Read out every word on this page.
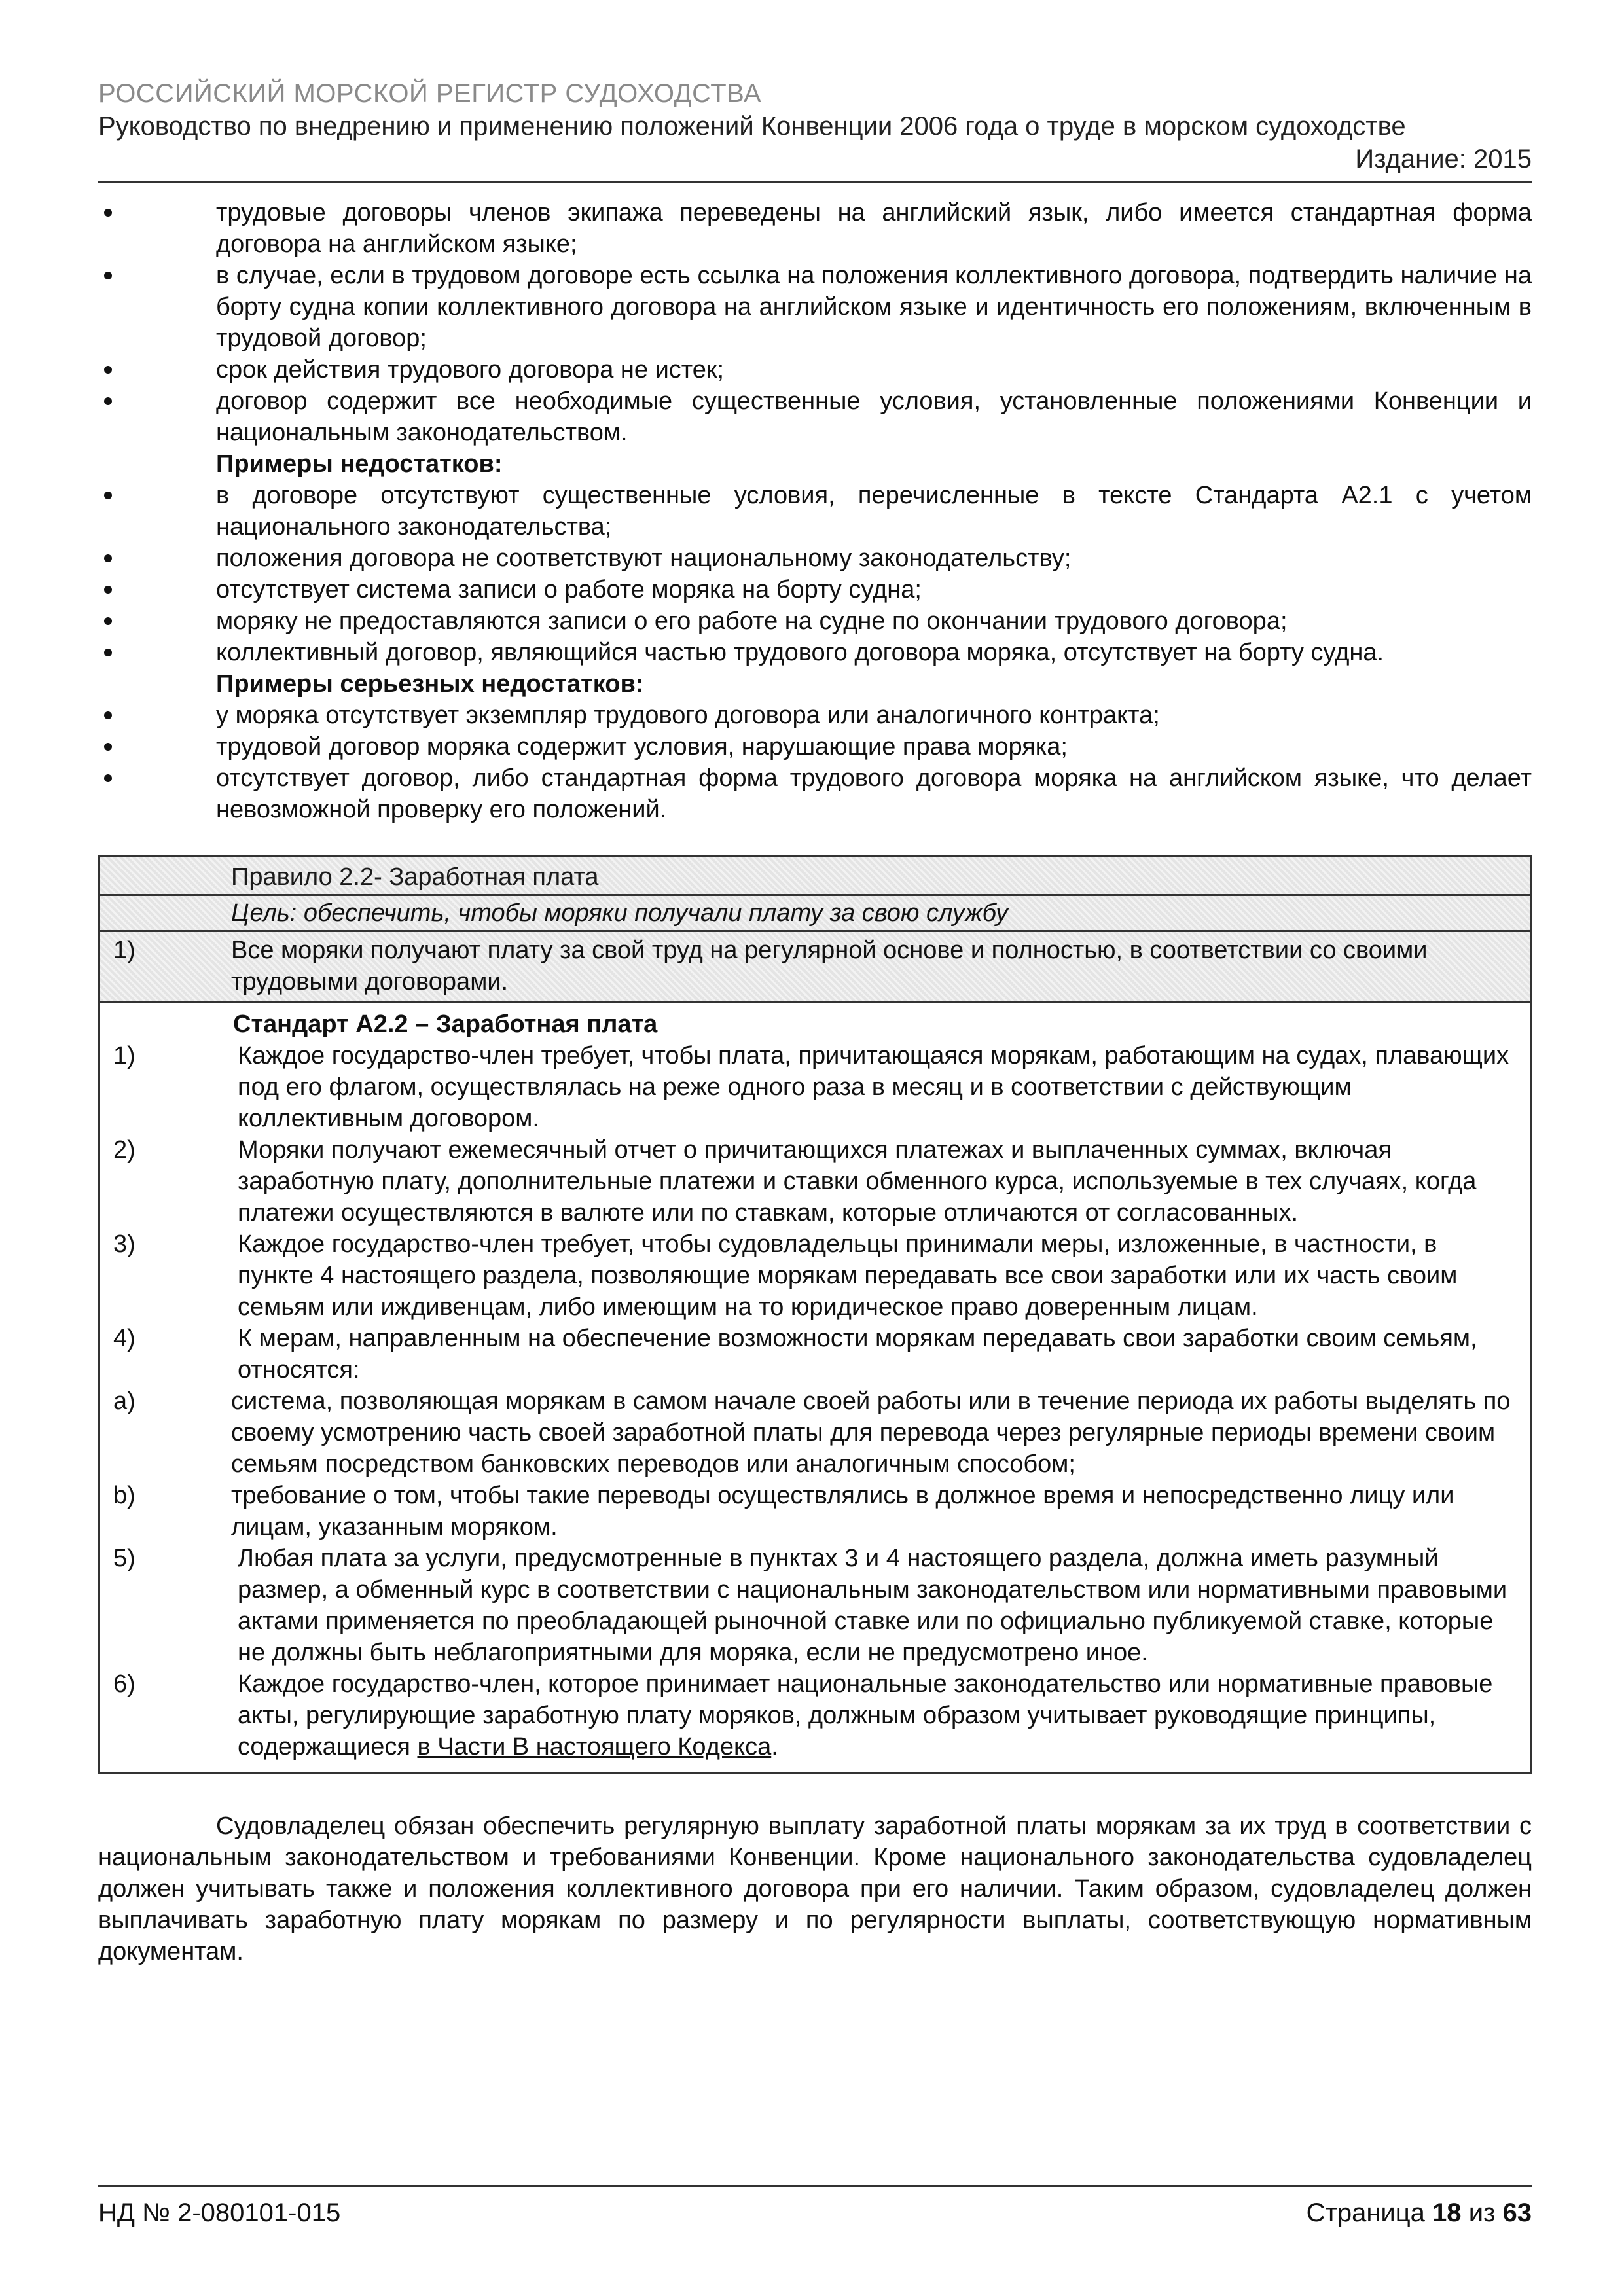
РОССИЙСКИЙ МОРСКОЙ РЕГИСТР СУДОХОДСТВА
Руководство по внедрению и применению положений Конвенции 2006 года о труде в морском судоходстве
Издание: 2015
трудовые договоры членов экипажа переведены на английский язык, либо имеется стандартная форма договора на английском языке;
в случае, если в трудовом договоре есть ссылка на положения коллективного договора, подтвердить наличие на борту судна копии коллективного договора на английском языке и идентичность его положениям, включенным в трудовой договор;
срок действия трудового договора не истек;
договор содержит все необходимые существенные условия, установленные положениями Конвенции и национальным законодательством.
Примеры недостатков:
в договоре отсутствуют существенные условия, перечисленные в тексте Стандарта А2.1 с учетом национального законодательства;
положения договора не соответствуют национальному законодательству;
отсутствует система записи о работе моряка на борту судна;
моряку не предоставляются записи о его работе на судне по окончании трудового договора;
коллективный договор, являющийся частью трудового договора моряка, отсутствует на борту судна.
Примеры серьезных недостатков:
у моряка отсутствует экземпляр трудового договора или аналогичного контракта;
трудовой договор моряка содержит условия, нарушающие права моряка;
отсутствует договор, либо стандартная форма трудового договора моряка на английском языке, что делает невозможной проверку его положений.
Правило 2.2- Заработная плата
Цель: обеспечить, чтобы моряки получали плату за свою службу
1)	Все моряки получают плату за свой труд на регулярной основе и полностью, в соответствии со своими трудовыми договорами.
Стандарт А2.2 – Заработная плата
1)	Каждое государство-член требует, чтобы плата, причитающаяся морякам, работающим на судах, плавающих под его флагом, осуществлялась на реже одного раза в месяц и в соответствии с действующим коллективным договором.
2)	Моряки получают ежемесячный отчет о причитающихся платежах и выплаченных суммах, включая заработную плату, дополнительные платежи и ставки обменного курса, используемые в тех случаях, когда платежи осуществляются в валюте или по ставкам, которые отличаются от согласованных.
3)	Каждое государство-член требует, чтобы судовладельцы принимали меры, изложенные, в частности, в пункте 4 настоящего раздела, позволяющие морякам передавать все свои заработки или их часть своим семьям или иждивенцам, либо имеющим на то юридическое право доверенным лицам.
4)	К мерам, направленным на обеспечение возможности морякам передавать свои заработки своим семьям, относятся:
a)	система, позволяющая морякам в самом начале своей работы или в течение периода их работы выделять по своему усмотрению часть своей заработной платы для перевода через регулярные периоды времени своим семьям посредством банковских переводов или аналогичным способом;
b)	требование о том, чтобы такие переводы осуществлялись в должное время и непосредственно лицу или лицам, указанным моряком.
5)	Любая плата за услуги, предусмотренные в пунктах 3 и 4 настоящего раздела, должна иметь разумный размер, а обменный курс в соответствии с национальным законодательством или нормативными правовыми актами применяется по преобладающей рыночной ставке или по официально публикуемой ставке, которые не должны быть неблагоприятными для моряка, если не предусмотрено иное.
6)	Каждое государство-член, которое принимает национальные законодательство или нормативные правовые акты, регулирующие заработную плату моряков, должным образом учитывает руководящие принципы, содержащиеся в Части В настоящего Кодекса.
Судовладелец обязан обеспечить регулярную выплату заработной платы морякам за их труд в соответствии с национальным законодательством и требованиями Конвенции. Кроме национального законодательства судовладелец должен учитывать также и положения коллективного договора при его наличии. Таким образом, судовладелец должен выплачивать заработную плату морякам по размеру и по регулярности выплаты, соответствующую нормативным документам.
НД № 2-080101-015	Страница 18 из 63
